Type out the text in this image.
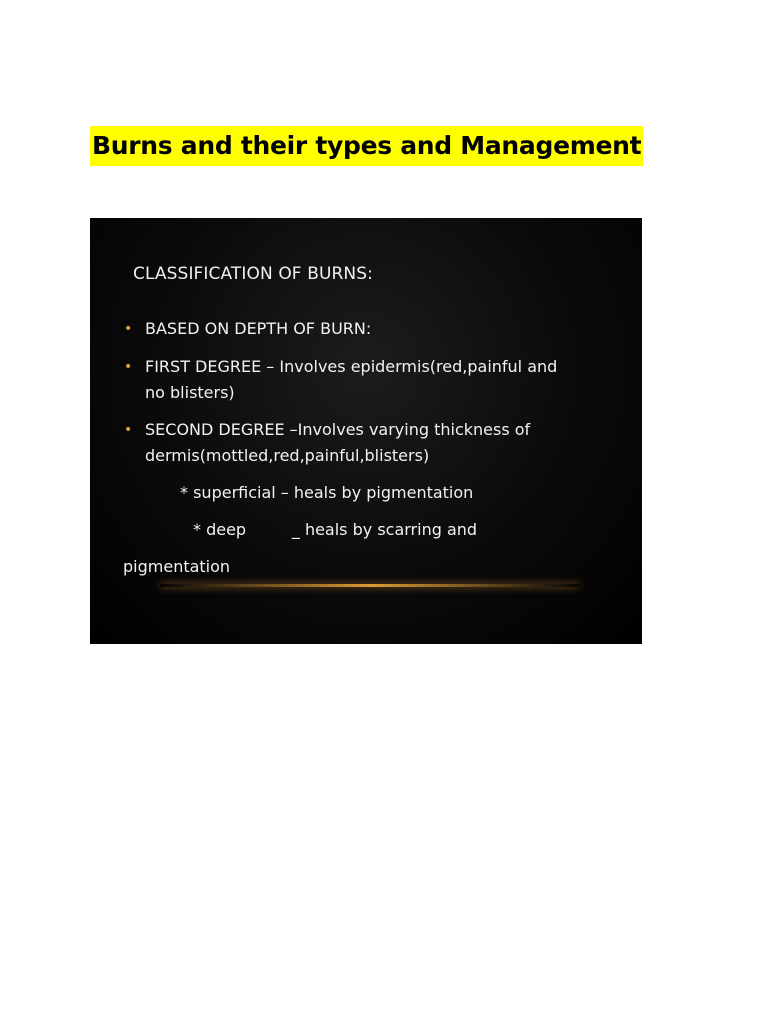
Burns and their types and Management
CLASSIFICATION OF BURNS:
• BASED ON DEPTH OF BURN:
• FIRST DEGREE – Involves epidermis(red,painful and
no blisters)
• SECOND DEGREE –Involves varying thickness of
dermis(mottled,red,painful,blisters)
* superficial – heals by pigmentation
* deep         _ heals by scarring and
pigmentation
